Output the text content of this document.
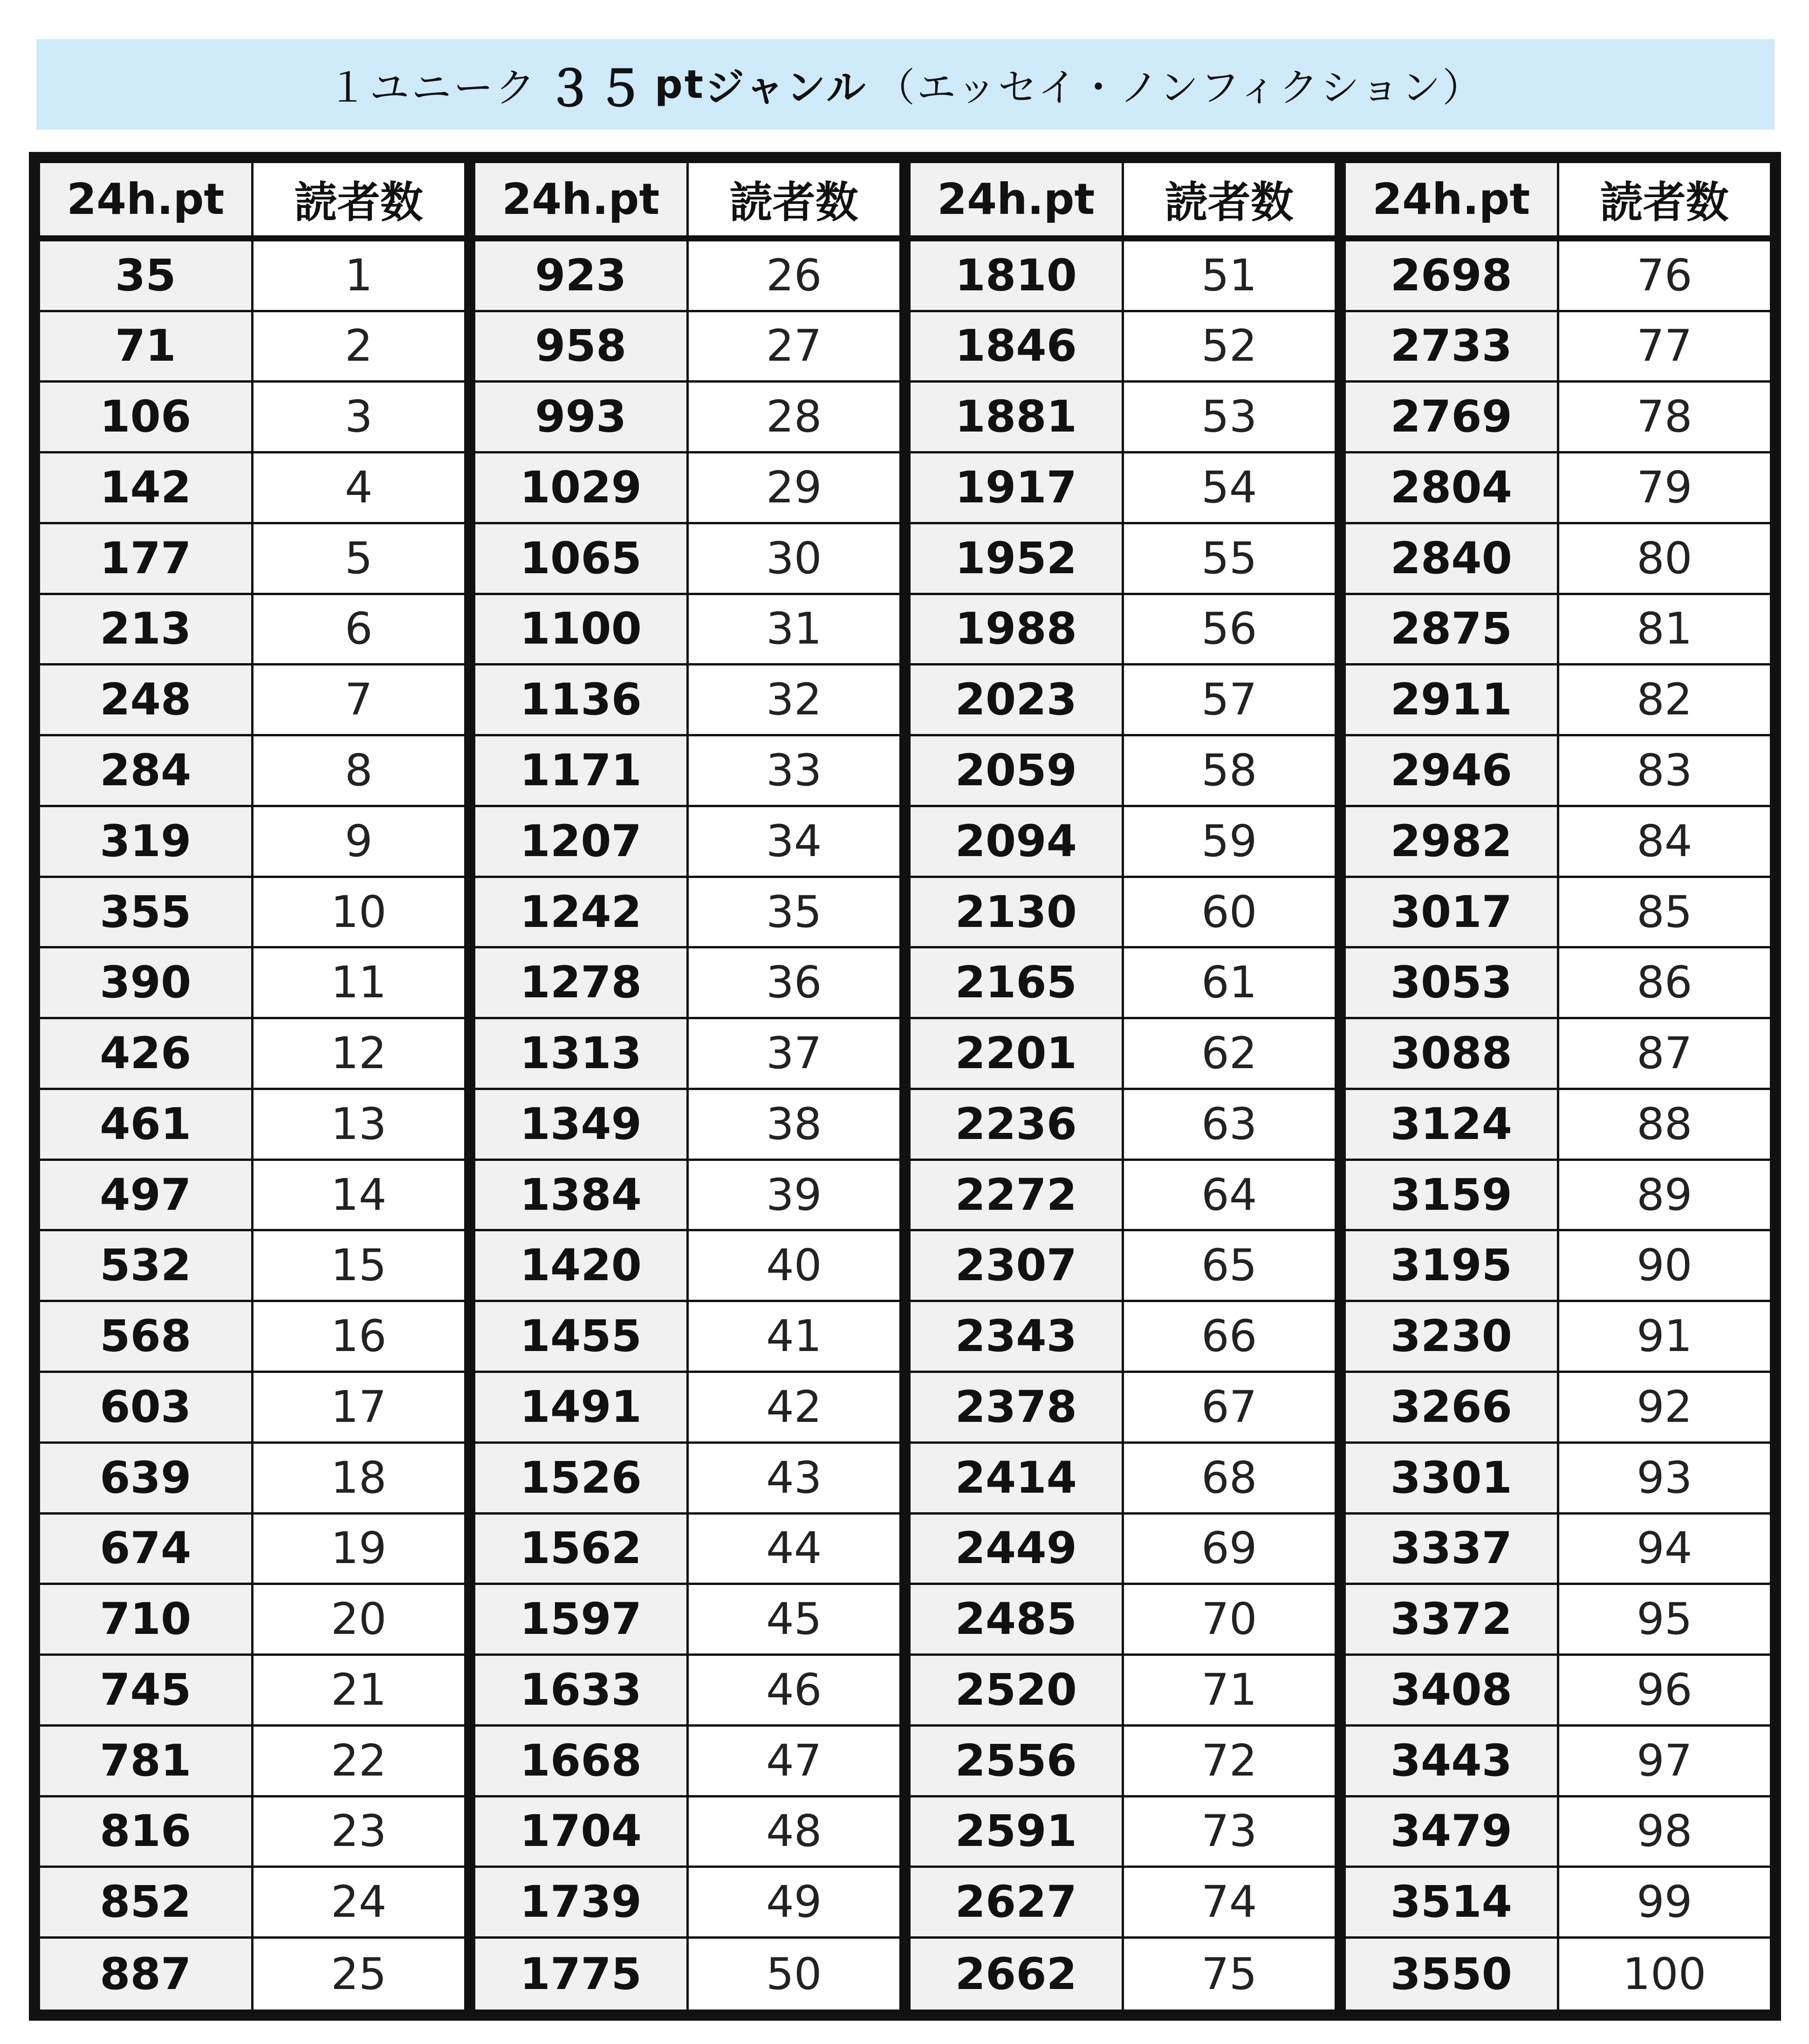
１ユニーク ３５ pt ジャンル （エッセイ・ノンフィクション）
24h.pt	読者数
35	1
71	2
106	3
142	4
177	5
213	6
248	7
284	8
319	9
355	10
390	11
426	12
461	13
497	14
532	15
568	16
603	17
639	18
674	19
710	20
745	21
781	22
816	23
852	24
887	25
24h.pt	読者数
923	26
958	27
993	28
1029	29
1065	30
1100	31
1136	32
1171	33
1207	34
1242	35
1278	36
1313	37
1349	38
1384	39
1420	40
1455	41
1491	42
1526	43
1562	44
1597	45
1633	46
1668	47
1704	48
1739	49
1775	50
24h.pt	読者数
1810	51
1846	52
1881	53
1917	54
1952	55
1988	56
2023	57
2059	58
2094	59
2130	60
2165	61
2201	62
2236	63
2272	64
2307	65
2343	66
2378	67
2414	68
2449	69
2485	70
2520	71
2556	72
2591	73
2627	74
2662	75
24h.pt	読者数
2698	76
2733	77
2769	78
2804	79
2840	80
2875	81
2911	82
2946	83
2982	84
3017	85
3053	86
3088	87
3124	88
3159	89
3195	90
3230	91
3266	92
3301	93
3337	94
3372	95
3408	96
3443	97
3479	98
3514	99
3550	100
